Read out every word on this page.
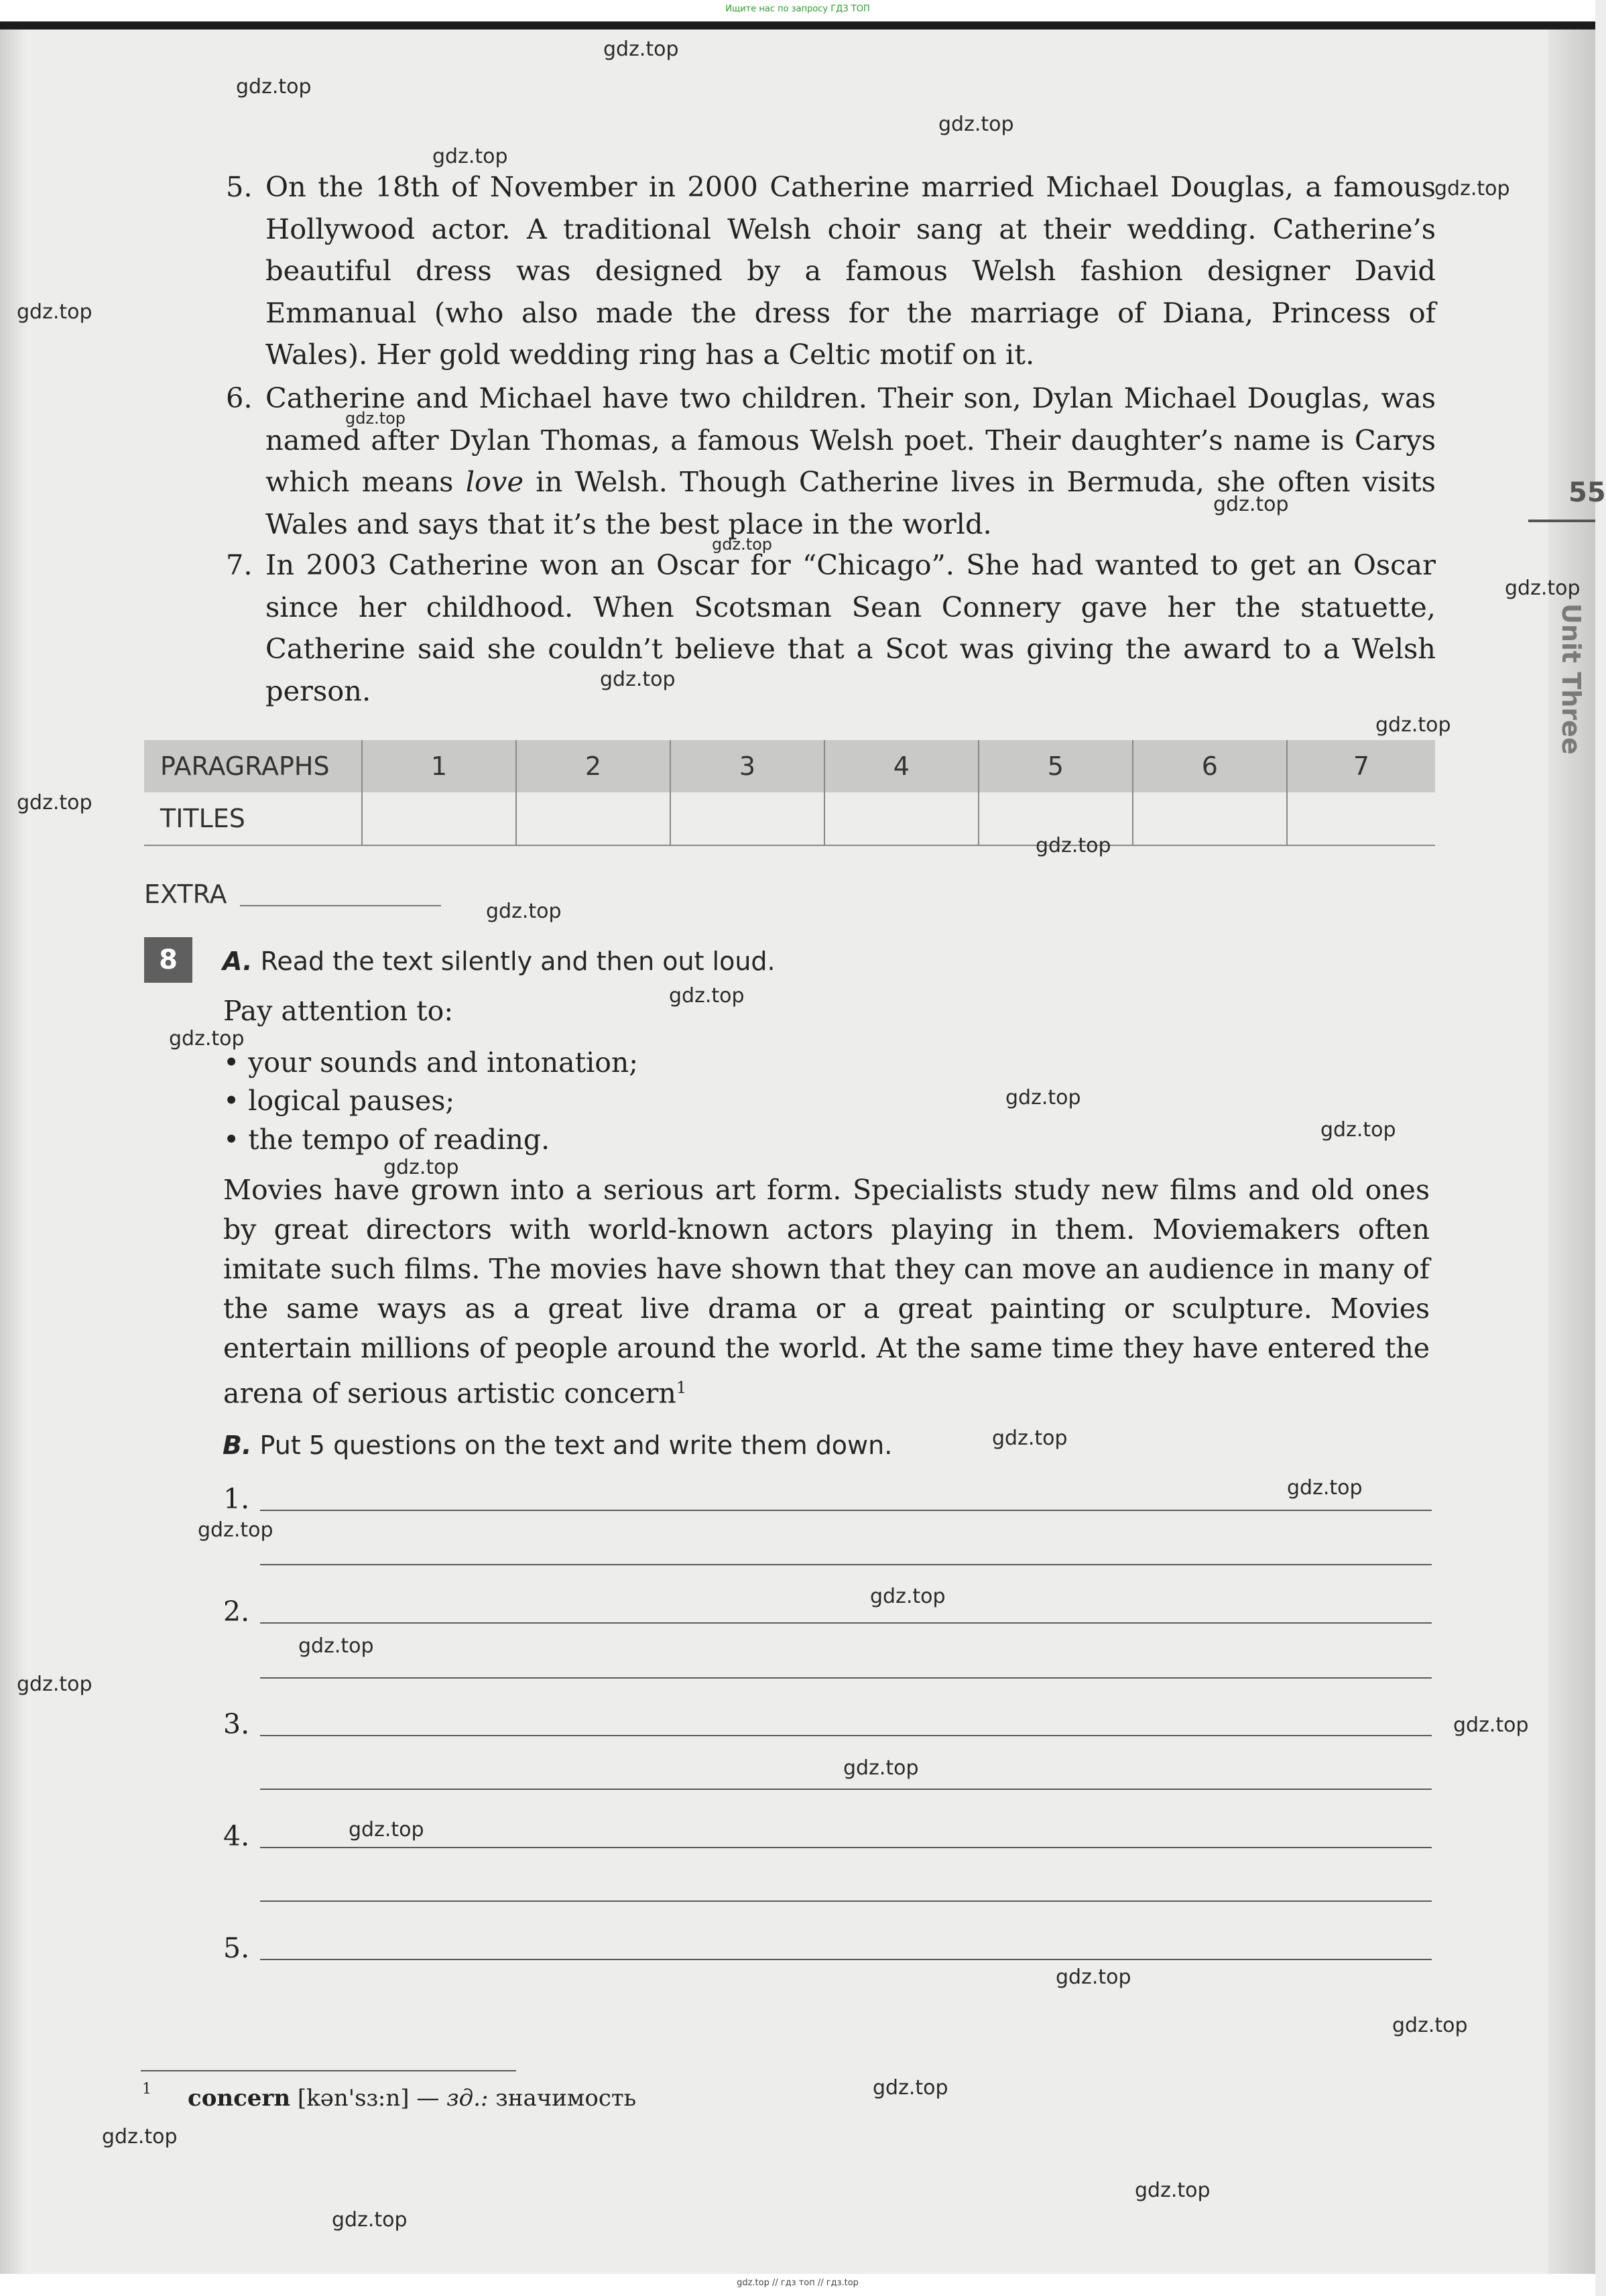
Ищите нас по запросу ГДЗ ТОП
55
Unit Three
5. On the 18th of November in 2000 Catherine married Michael Douglas, a famous Hollywood actor. A traditional Welsh choir sang at their wedding. Catherine’s beautiful dress was designed by a famous Welsh fashion designer David Emmanual (who also made the dress for the marriage of Diana, Princess of Wales). Her gold wedding ring has a Celtic motif on it.
6. Catherine and Michael have two children. Their son, Dylan Michael Douglas, was named after Dylan Thomas, a famous Welsh poet. Their daughter’s name is Carys which means love in Welsh. Though Catherine lives in Bermuda, she often visits Wales and says that it’s the best place in the world.
7. In 2003 Catherine won an Oscar for “Chicago”. She had wanted to get an Oscar since her childhood. When Scotsman Sean Connery gave her the statuette, Catherine said she couldn’t believe that a Scot was giving the award to a Welsh person.
PARAGRAPHS	1	2	3	4	5	6	7
TITLES							
EXTRA
8	A. Read the text silently and then out loud.
Pay attention to:
• your sounds and intonation;
• logical pauses;
• the tempo of reading.
Movies have grown into a serious art form. Specialists study new films and old ones by great directors with world-known actors playing in them. Moviemakers often imitate such films. The movies have shown that they can move an audience in many of the same ways as a great live drama or a great painting or sculpture. Movies entertain millions of people around the world. At the same time they have entered the arena of serious artistic concern$^1$
B. Put 5 questions on the text and write them down.
1.
2.
3.
4.
5.
1 concern [kən'sɜ:n] — зд.: значимость
gdz.top
gdz.top
gdz.top
gdz.top
gdz.top
gdz.top
gdz.top
gdz.top
gdz.top
gdz.top
gdz.top
gdz.top
gdz.top
gdz.top
gdz.top
gdz.top
gdz.top
gdz.top
gdz.top
gdz.top
gdz.top
gdz.top
gdz.top
gdz.top
gdz.top
gdz.top
gdz.top
gdz.top
gdz.top
gdz.top
gdz.top
gdz.top
gdz.top
gdz.top
gdz.top
gdz.top // гдз топ // гдз.top
